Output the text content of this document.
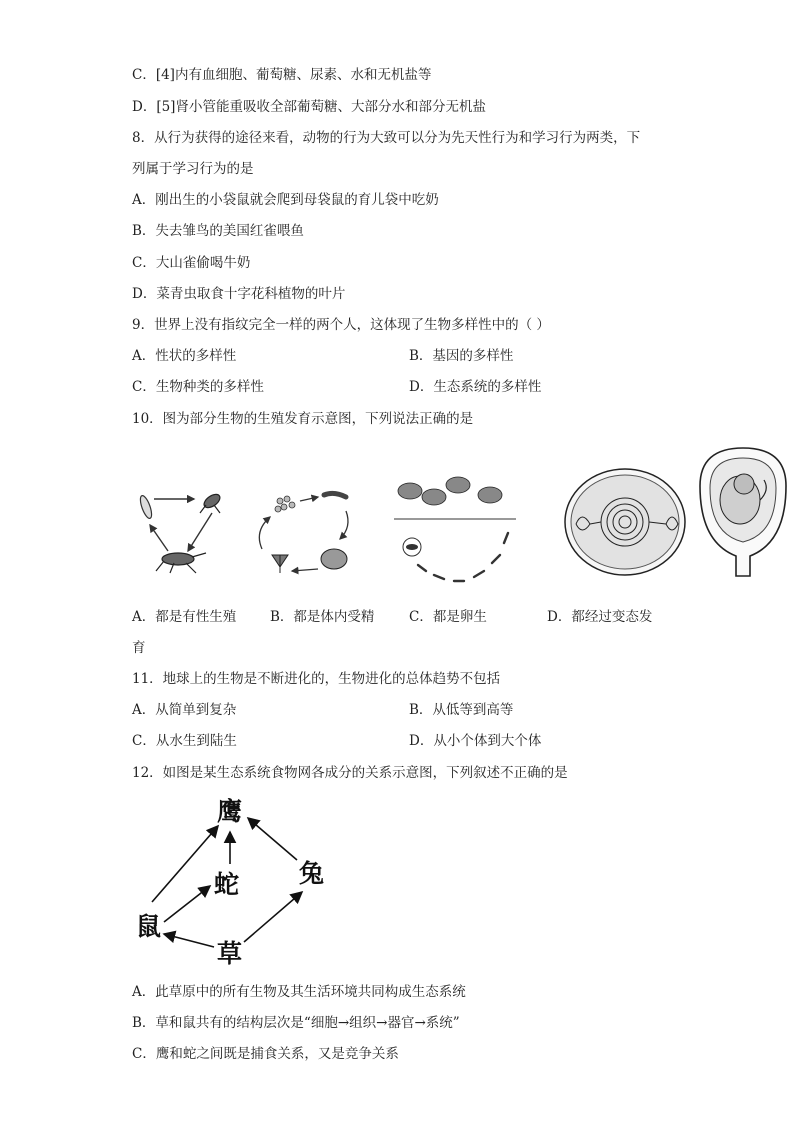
C．[4]内有血细胞、葡萄糖、尿素、水和无机盐等
D．[5]肾小管能重吸收全部葡萄糖、大部分水和部分无机盐
8．从行为获得的途径来看，动物的行为大致可以分为先天性行为和学习行为两类，下
列属于学习行为的是
A．刚出生的小袋鼠就会爬到母袋鼠的育儿袋中吃奶
B．失去雏鸟的美国红雀喂鱼
C．大山雀偷喝牛奶
D．菜青虫取食十字花科植物的叶片
9．世界上没有指纹完全一样的两个人，这体现了生物多样性中的（ ）
A．性状的多样性	B．基因的多样性
C．生物种类的多样性	D．生态系统的多样性
10．图为部分生物的生殖发育示意图，下列说法正确的是
A．都是有性生殖	B．都是体内受精	C．都是卵生	D．都经过变态发
育
11．地球上的生物是不断进化的，生物进化的总体趋势不包括
A．从简单到复杂	B．从低等到高等
C．从水生到陆生	D．从小个体到大个体
12．如图是某生态系统食物网各成分的关系示意图，下列叙述不正确的是
鹰
蛇 兔
鼠
草
A．此草原中的所有生物及其生活环境共同构成生态系统
B．草和鼠共有的结构层次是“细胞→组织→器官→系统”
C．鹰和蛇之间既是捕食关系，又是竞争关系
